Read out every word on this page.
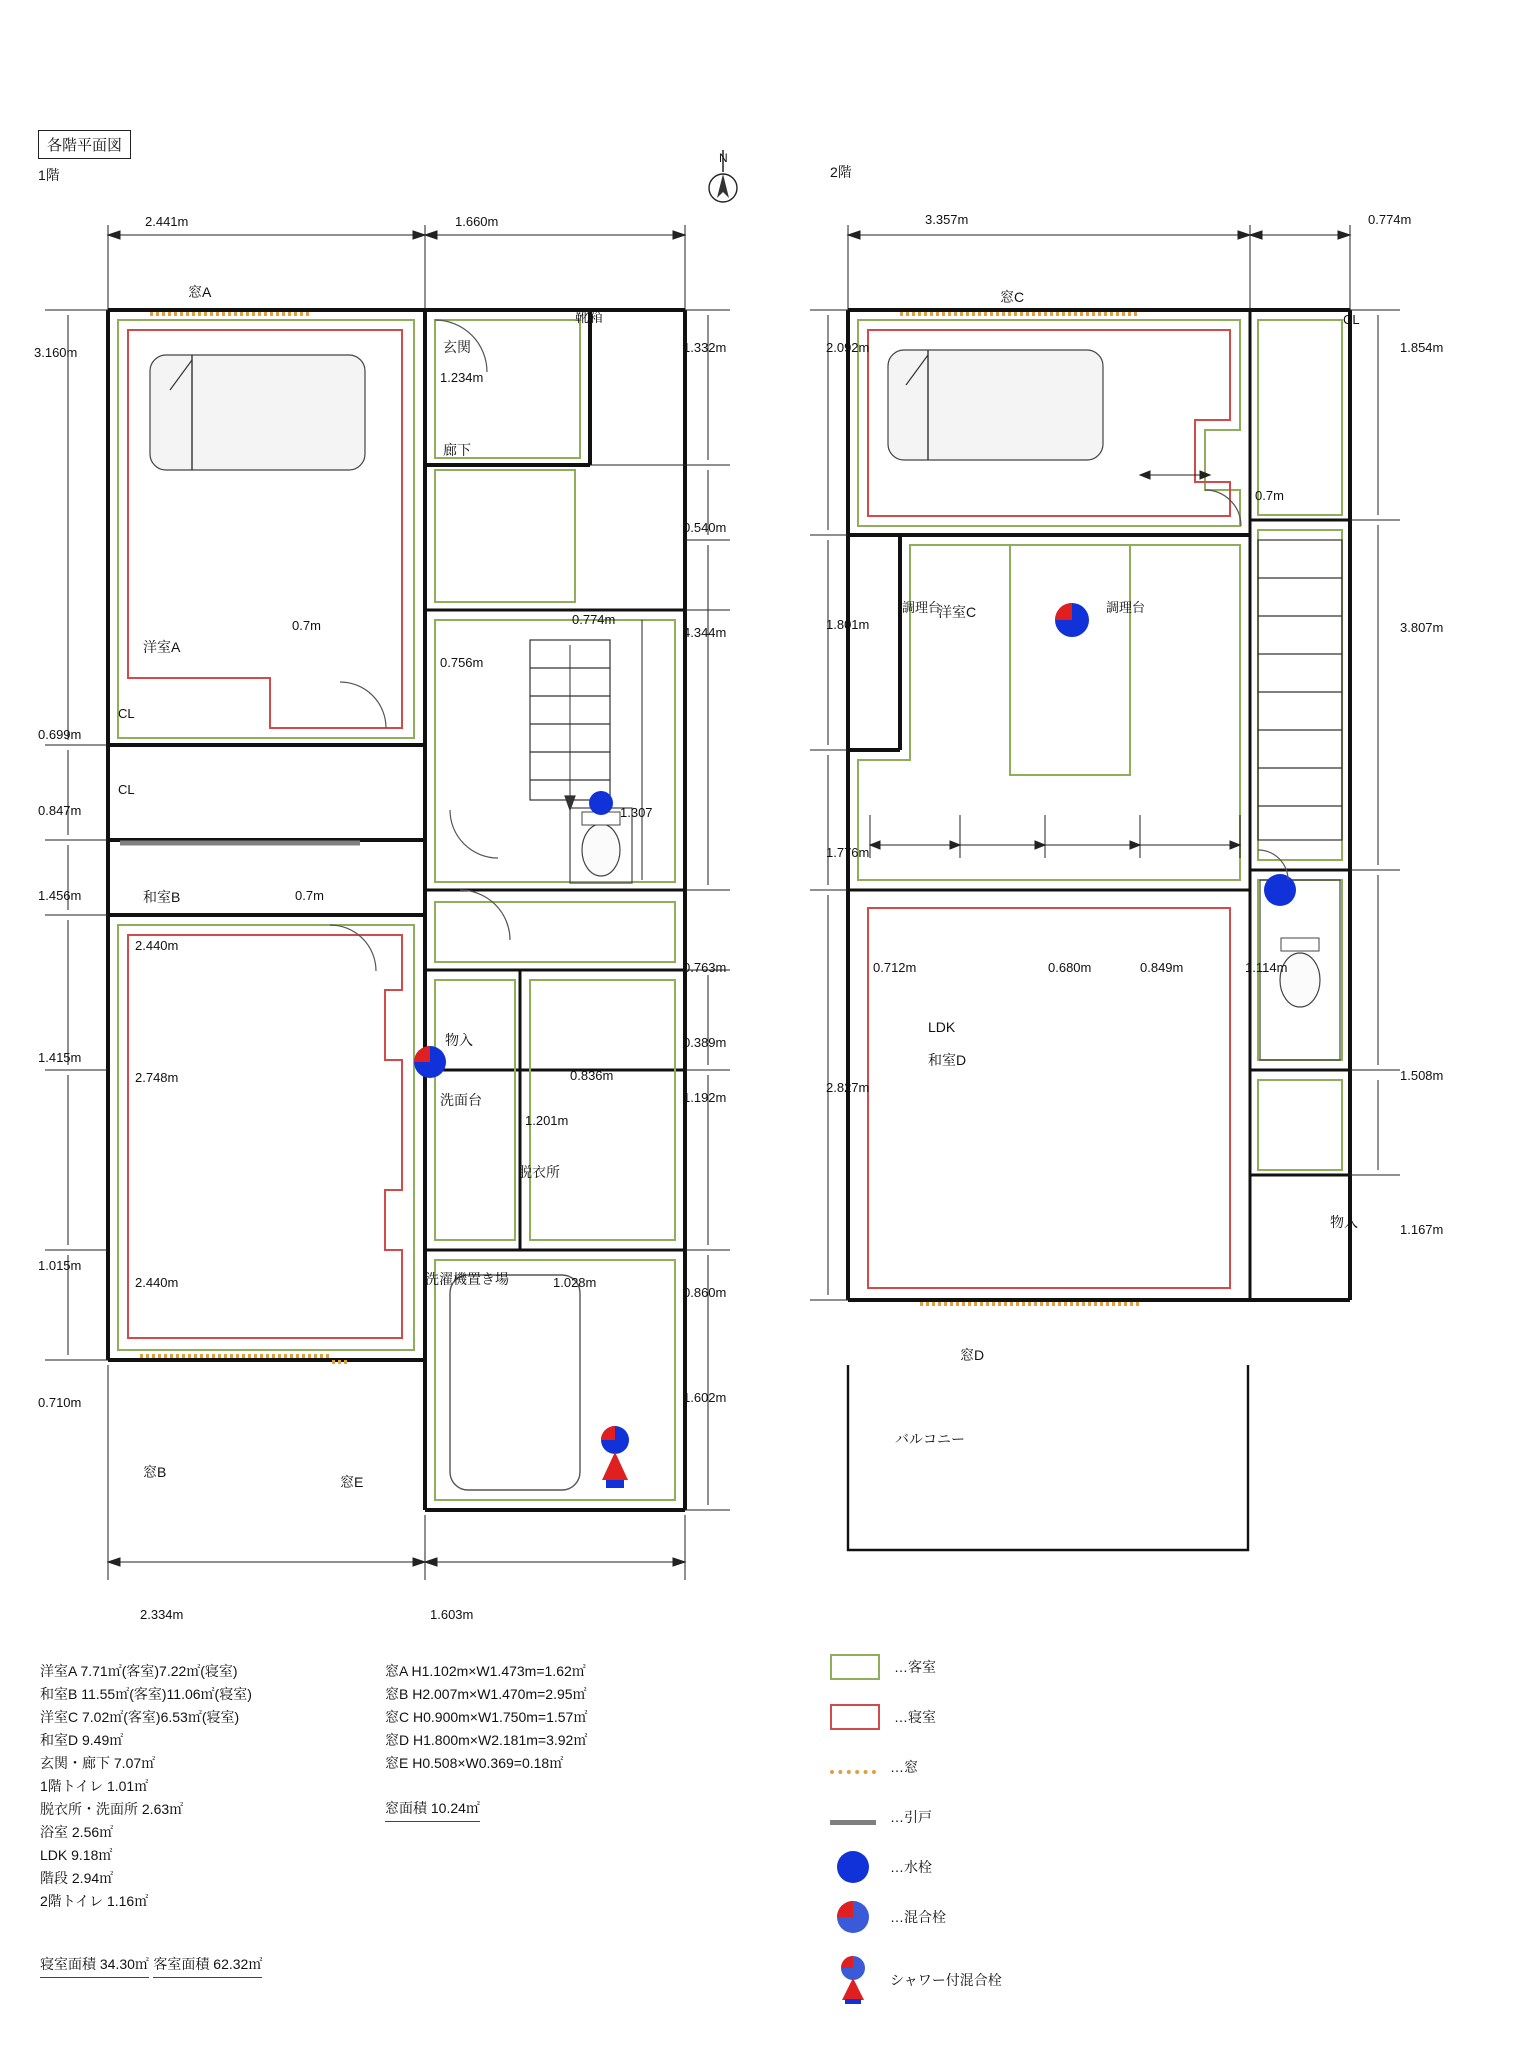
各階平面図
1階	2階
N
2.441m	1.660m
2.334m	1.603m
3.160m
0.699m
0.847m
1.456m
1.415m
1.015m
0.710m
1.332m
0.540m
4.344m
1.307
0.763m
0.389m
1.192m
0.860m
1.602m
1.234m
0.7m
0.756m
0.774m
0.7m
2.440m
2.748m	0.836m
1.201m
2.440m	1.028m
玄関
廊下
靴箱
洋室A
和室B
CL
CL
物入
洗面台
脱衣所
洗濯機置き場
窓A
窓B
窓E
3.357m	0.774m
2.092m
1.801m
1.776m
2.827m
1.854m
3.807m
1.508m
1.167m
0.7m
0.712m	0.680m	0.849m	1.114m
洋室C
CL
調理台	調理台
LDK
和室D
物入
バルコニー
窓C
窓D
洋室A 7.71㎡(客室)7.22㎡(寝室)
和室B 11.55㎡(客室)11.06㎡(寝室)
洋室C 7.02㎡(客室)6.53㎡(寝室)
和室D 9.49㎡
玄関・廊下 7.07㎡
1階トイレ 1.01㎡
脱衣所・洗面所 2.63㎡
浴室 2.56㎡
LDK 9.18㎡
階段 2.94㎡
2階トイレ 1.16㎡
寝室面積 34.30㎡ 客室面積 62.32㎡
窓A H1.102m×W1.473m=1.62㎡
窓B H2.007m×W1.470m=2.95㎡
窓C H0.900m×W1.750m=1.57㎡
窓D H1.800m×W2.181m=3.92㎡
窓E H0.508×W0.369=0.18㎡
窓面積 10.24㎡
…客室
…寝室
…窓
…引戸
…水栓
…混合栓
シャワー付混合栓
